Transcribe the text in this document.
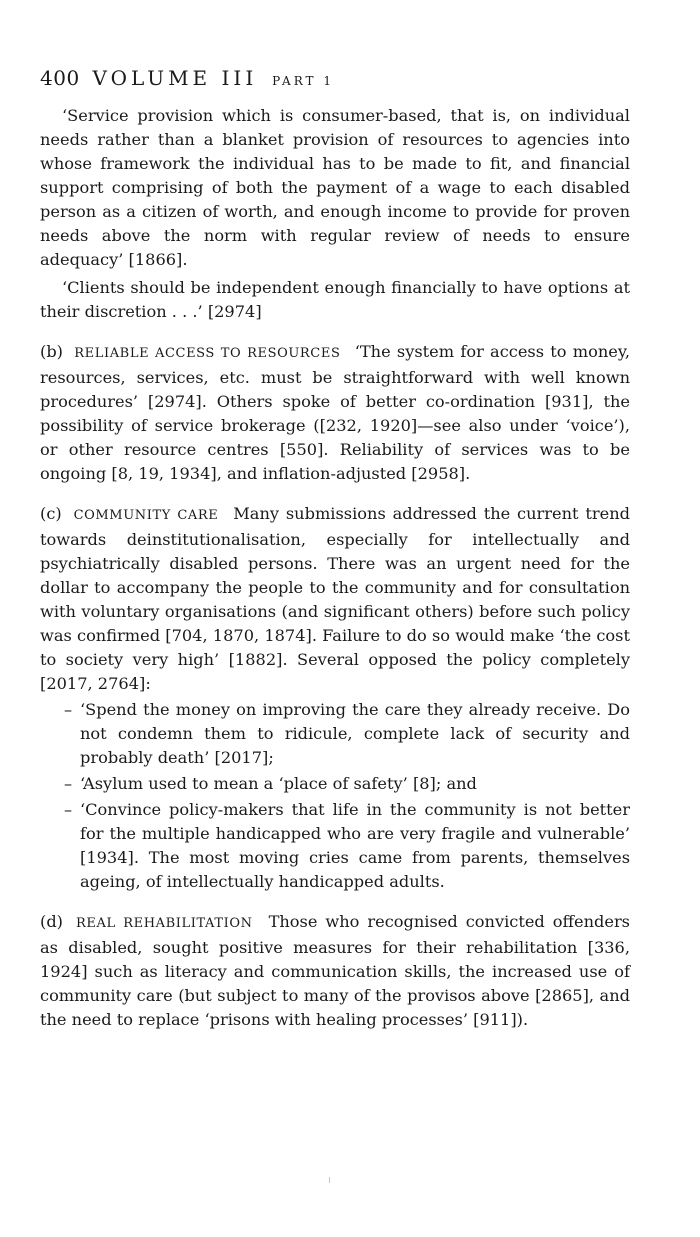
400 VOLUME III PART 1

‘Service provision which is consumer-based, that is, on individual needs rather than a blanket provision of resources to agencies into whose framework the individual has to be made to fit, and financial support comprising of both the payment of a wage to each disabled person as a citizen of worth, and enough income to provide for proven needs above the norm with regular review of needs to ensure adequacy’ [1866].

‘Clients should be independent enough financially to have options at their discretion . . .’ [2974]

(b) RELIABLE ACCESS TO RESOURCES ‘The system for access to money, resources, services, etc. must be straightforward with well known procedures’ [2974]. Others spoke of better co-ordination [931], the possibility of service brokerage ([232, 1920]—see also under ‘voice’), or other resource centres [550]. Reliability of services was to be ongoing [8, 19, 1934], and inflation-adjusted [2958].

(c) COMMUNITY CARE Many submissions addressed the current trend towards deinstitutionalisation, especially for intellectually and psychiatrically disabled persons. There was an urgent need for the dollar to accompany the people to the community and for consultation with voluntary organisations (and significant others) before such policy was confirmed [704, 1870, 1874]. Failure to do so would make ‘the cost to society very high’ [1882]. Several opposed the policy completely [2017, 2764]:

– ‘Spend the money on improving the care they already receive. Do not condemn them to ridicule, complete lack of security and probably death’ [2017];
– ‘Asylum used to mean a ‘place of safety’ [8]; and
– ‘Convince policy-makers that life in the community is not better for the multiple handicapped who are very fragile and vulnerable’ [1934]. The most moving cries came from parents, themselves ageing, of intellectually handicapped adults.

(d) REAL REHABILITATION Those who recognised convicted offenders as disabled, sought positive measures for their rehabilitation [336, 1924] such as literacy and communication skills, the increased use of community care (but subject to many of the provisos above [2865], and the need to replace ‘prisons with healing processes’ [911]).
